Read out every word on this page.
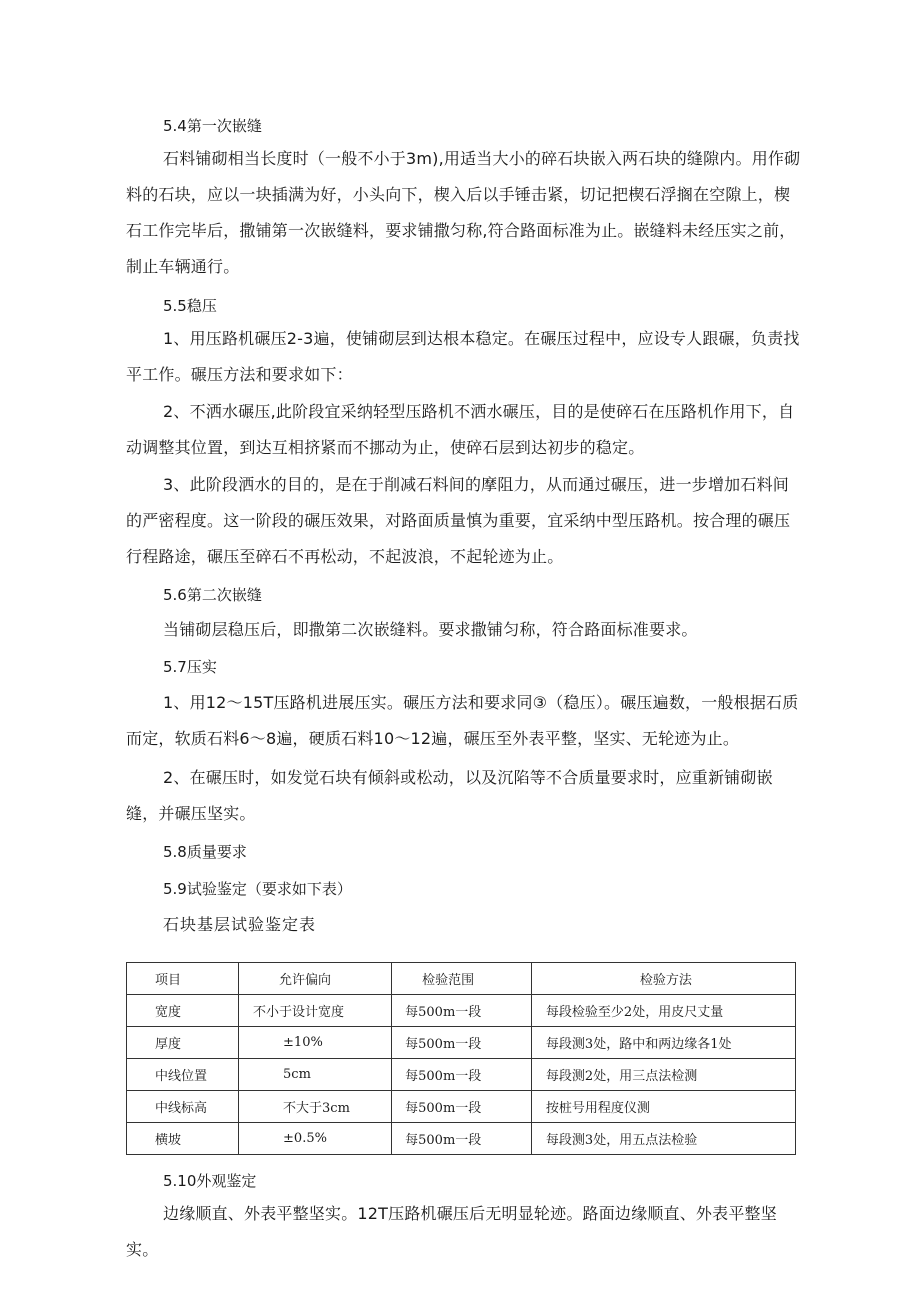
5.4第一次嵌缝
石料铺砌相当长度时（一般不小于3m),用适当大小的碎石块嵌入两石块的缝隙内。用作砌料的石块，应以一块插满为好，小头向下，楔入后以手锤击紧，切记把楔石浮搁在空隙上，楔石工作完毕后，撒铺第一次嵌缝料，要求铺撒匀称,符合路面标准为止。嵌缝料未经压实之前，制止车辆通行。
5.5稳压
1、用压路机碾压2-3遍，使铺砌层到达根本稳定。在碾压过程中，应设专人跟碾，负责找平工作。碾压方法和要求如下：
2、不洒水碾压,此阶段宜采纳轻型压路机不洒水碾压，目的是使碎石在压路机作用下，自动调整其位置，到达互相挤紧而不挪动为止，使碎石层到达初步的稳定。
3、此阶段洒水的目的，是在于削减石料间的摩阻力，从而通过碾压，进一步增加石料间的严密程度。这一阶段的碾压效果，对路面质量慎为重要，宜采纳中型压路机。按合理的碾压行程路途，碾压至碎石不再松动，不起波浪，不起轮迹为止。
5.6第二次嵌缝
当铺砌层稳压后，即撒第二次嵌缝料。要求撒铺匀称，符合路面标准要求。
5.7压实
1、用12〜15T压路机进展压实。碾压方法和要求同③（稳压）。碾压遍数，一般根据石质而定，软质石料6〜8遍，硬质石料10〜12遍，碾压至外表平整，坚实、无轮迹为止。
2、在碾压时，如发觉石块有倾斜或松动，以及沉陷等不合质量要求时，应重新铺砌嵌缝，并碾压坚实。
5.8质量要求
5.9试验鉴定（要求如下表）
石块基层试验鉴定表
项目	允许偏向	检验范围	检验方法

宽度	不小于设计宽度	每500m一段	每段检验至少2处，用皮尺丈量

厚度	±10%	每500m一段	每段测3处，路中和两边缘各1处

中线位置	5cm	每500m一段	每段测2处，用三点法检测

中线标高	不大于3cm	每500m一段	按桩号用程度仪测

横坡	±0.5%	每500m一段	每段测3处，用五点法检验
5.10外观鉴定
边缘顺直、外表平整坚实。12T压路机碾压后无明显轮迹。路面边缘顺直、外表平整坚实。
